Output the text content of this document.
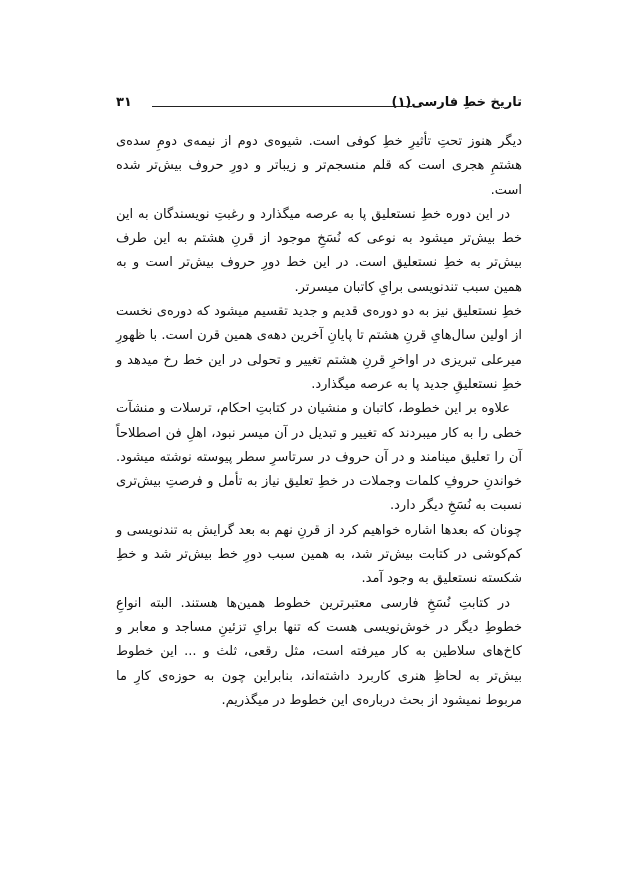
تاریخ خطِ فارسی(۱)
۳۱

دیگر هنوز تحتِ تأثیرِ خطِ کوفی است. شیوه‌ی دوم از نیمه‌ی دومِ سده‌ی هشتمِ هجری است که قلم منسجم‌تر و زیباتر و دورِ حروف بیش‌تر شده است.

در این دوره خطِ نستعلیق پا به عرصه میگذارد و رغبتِ نویسندگان به این خط بیش‌تر میشود به نوعی که نُسَخِ موجود از قرنِ هشتم به این طرف بیش‌تر به خطِ نستعلیق است. در این خط دورِ حروف بیش‌تر است و به همین سبب تندنویسی برایِ کاتبان میسرتر.

خطِ نستعلیق نیز به دو دوره‌ی قدیم و جدید تقسیم میشود که دوره‌ی نخست از اولین سال‌هایِ قرنِ هشتم تا پایانِ آخرین دهه‌ی همین قرن است. با ظهورِ میرعلی تبریزی در اواخرِ قرنِ هشتم تغییر و تحولی در این خط رخ میدهد و خطِ نستعلیقِ جدید پا به عرصه میگذارد.

علاوه بر این خطوط، کاتبان و منشیان در کتابتِ احکام، ترسلات و منشآت خطی را به کار میبردند که تغییر و تبدیل در آن میسر نبود، اهلِ فن اصطلاحاً آن را تعلیق مینامند و در آن حروف در سرتاسرِ سطر پیوسته نوشته میشود. خواندنِ حروفِ کلمات وجملات در خطِ تعلیق نیاز به تأمل و فرصتِ بیش‌تری نسبت به نُسَخِ دیگر دارد.

چونان که بعدها اشاره خواهیم کرد از قرنِ نهم به بعد گرایش به تندنویسی و کم‌کوشی در کتابت بیش‌تر شد، به همین سبب دورِ خط بیش‌تر شد و خطِ شکسته نستعلیق به وجود آمد.

در کتابتِ نُسَخِ فارسی معتبرترین خطوط همین‌ها هستند. البته انواعِ خطوطِ دیگر در خوش‌نویسی هست که تنها برایِ تزئینِ مساجد و معابر و کاخ‌های سلاطین به کار میرفته است، مثل رقعی، ثلث و ... این خطوط بیش‌تر به لحاظِ هنری کاربرد داشته‌اند، بنابراین چون به حوزه‌ی کارِ ما مربوط نمیشود از بحث درباره‌ی این خطوط در میگذریم.
